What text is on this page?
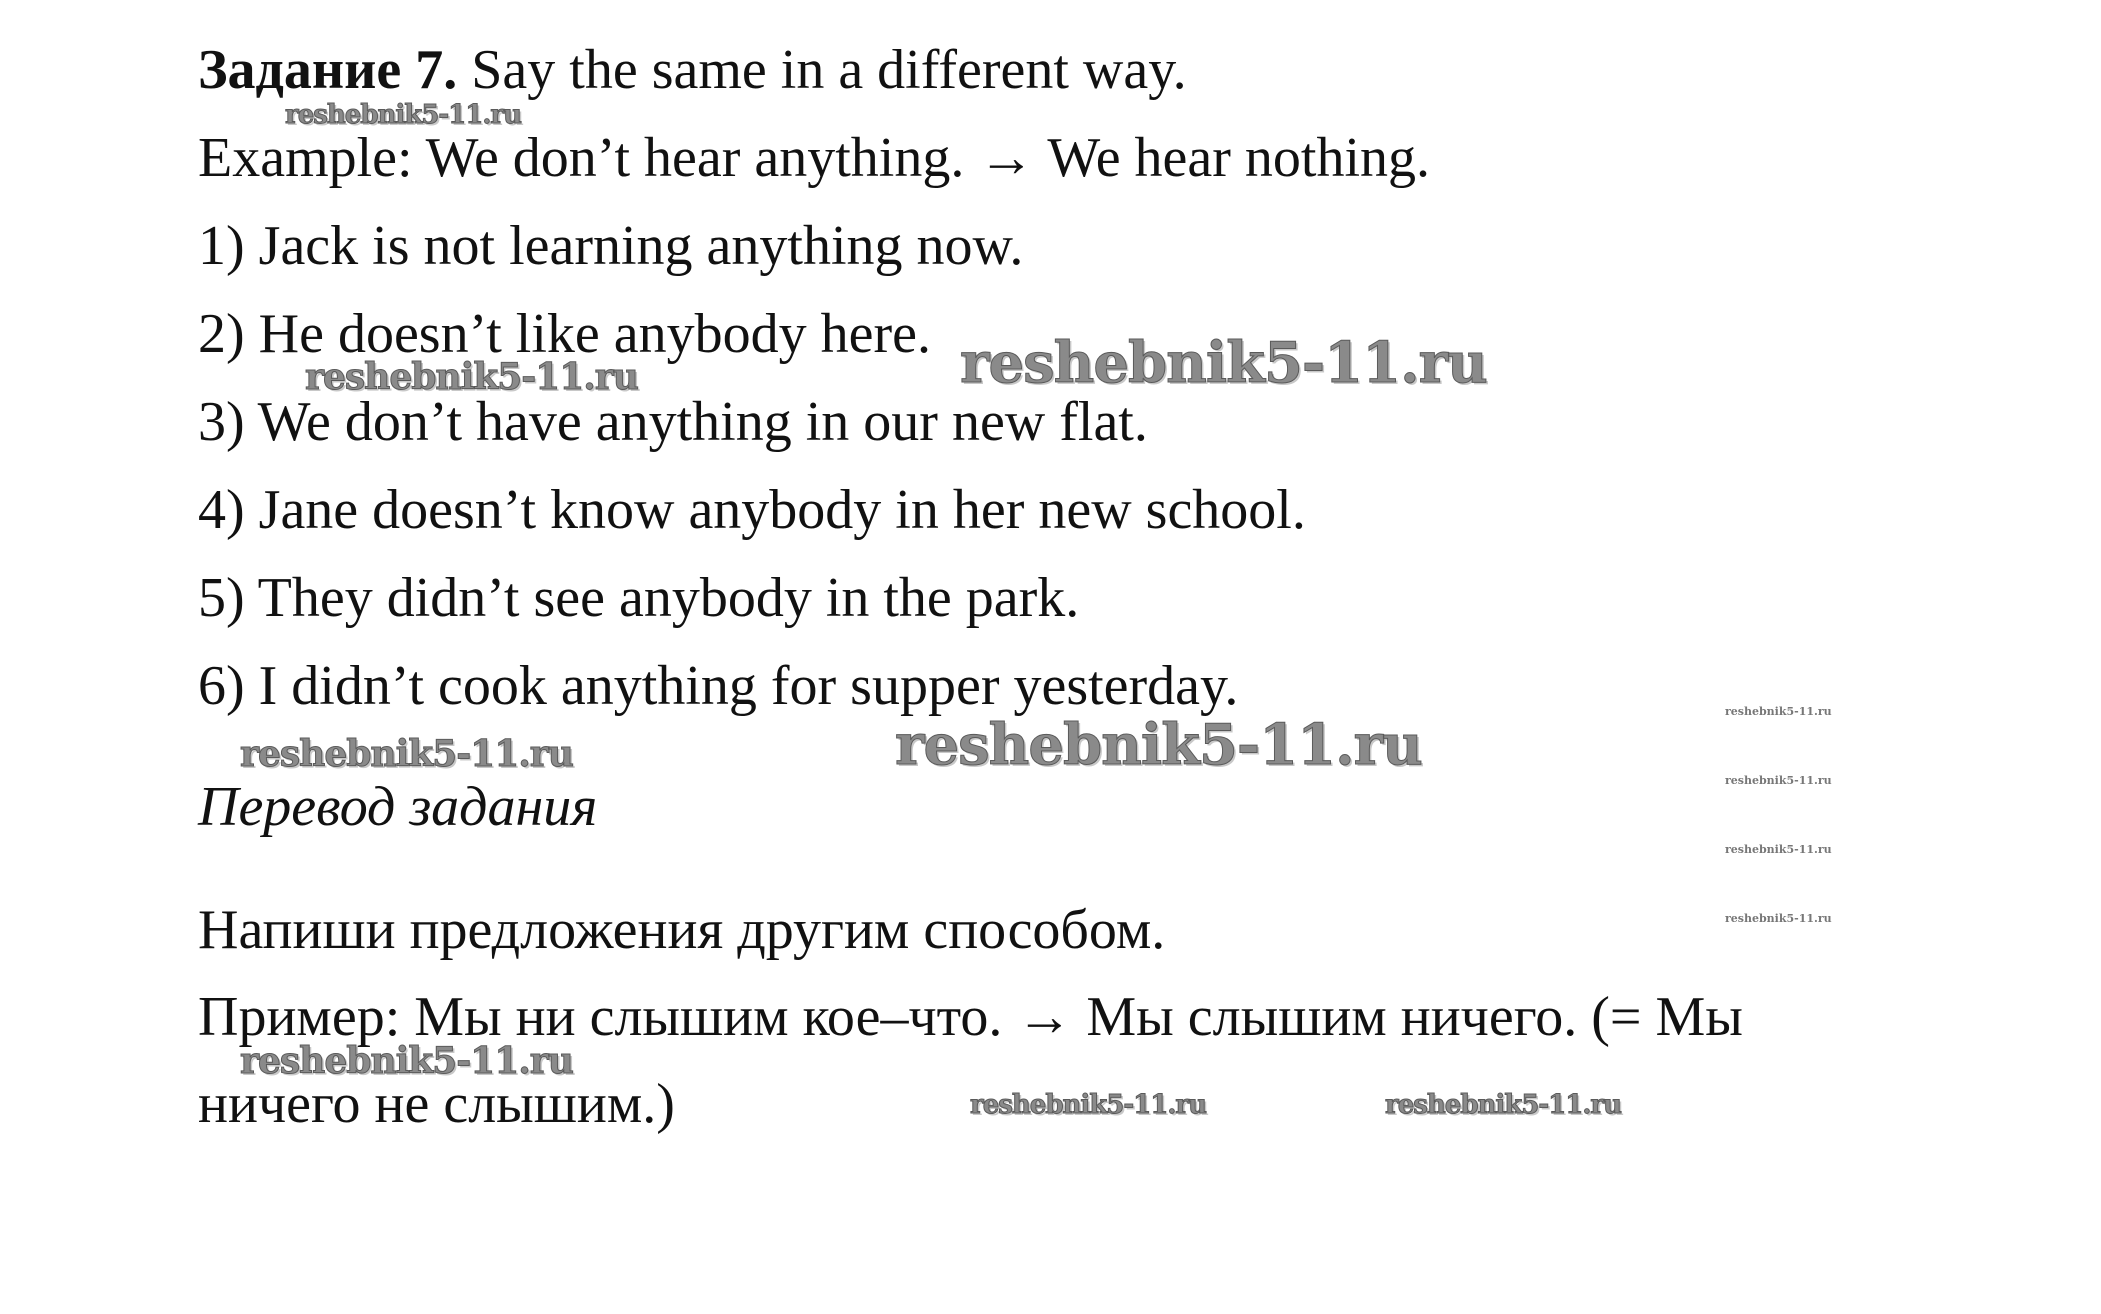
Задание 7. Say the same in a different way.
Example: We don’t hear anything. → We hear nothing.
1) Jack is not learning anything now.
2) He doesn’t like anybody here.
3) We don’t have anything in our new flat.
4) Jane doesn’t know anybody in her new school.
5) They didn’t see anybody in the park.
6) I didn’t cook anything for supper yesterday.
Перевод задания
Напиши предложения другим способом.
Пример: Мы ни слышим кое–что. → Мы слышим ничего. (= Мы
ничего не слышим.)
reshebnik5-11.ru
reshebnik5-11.ru	reshebnik5-11.ru
reshebnik5-11.ru	reshebnik5-11.ru
reshebnik5-11.ru
reshebnik5-11.ru	reshebnik5-11.ru
reshebnik5-11.ru
reshebnik5-11.ru
reshebnik5-11.ru
reshebnik5-11.ru
